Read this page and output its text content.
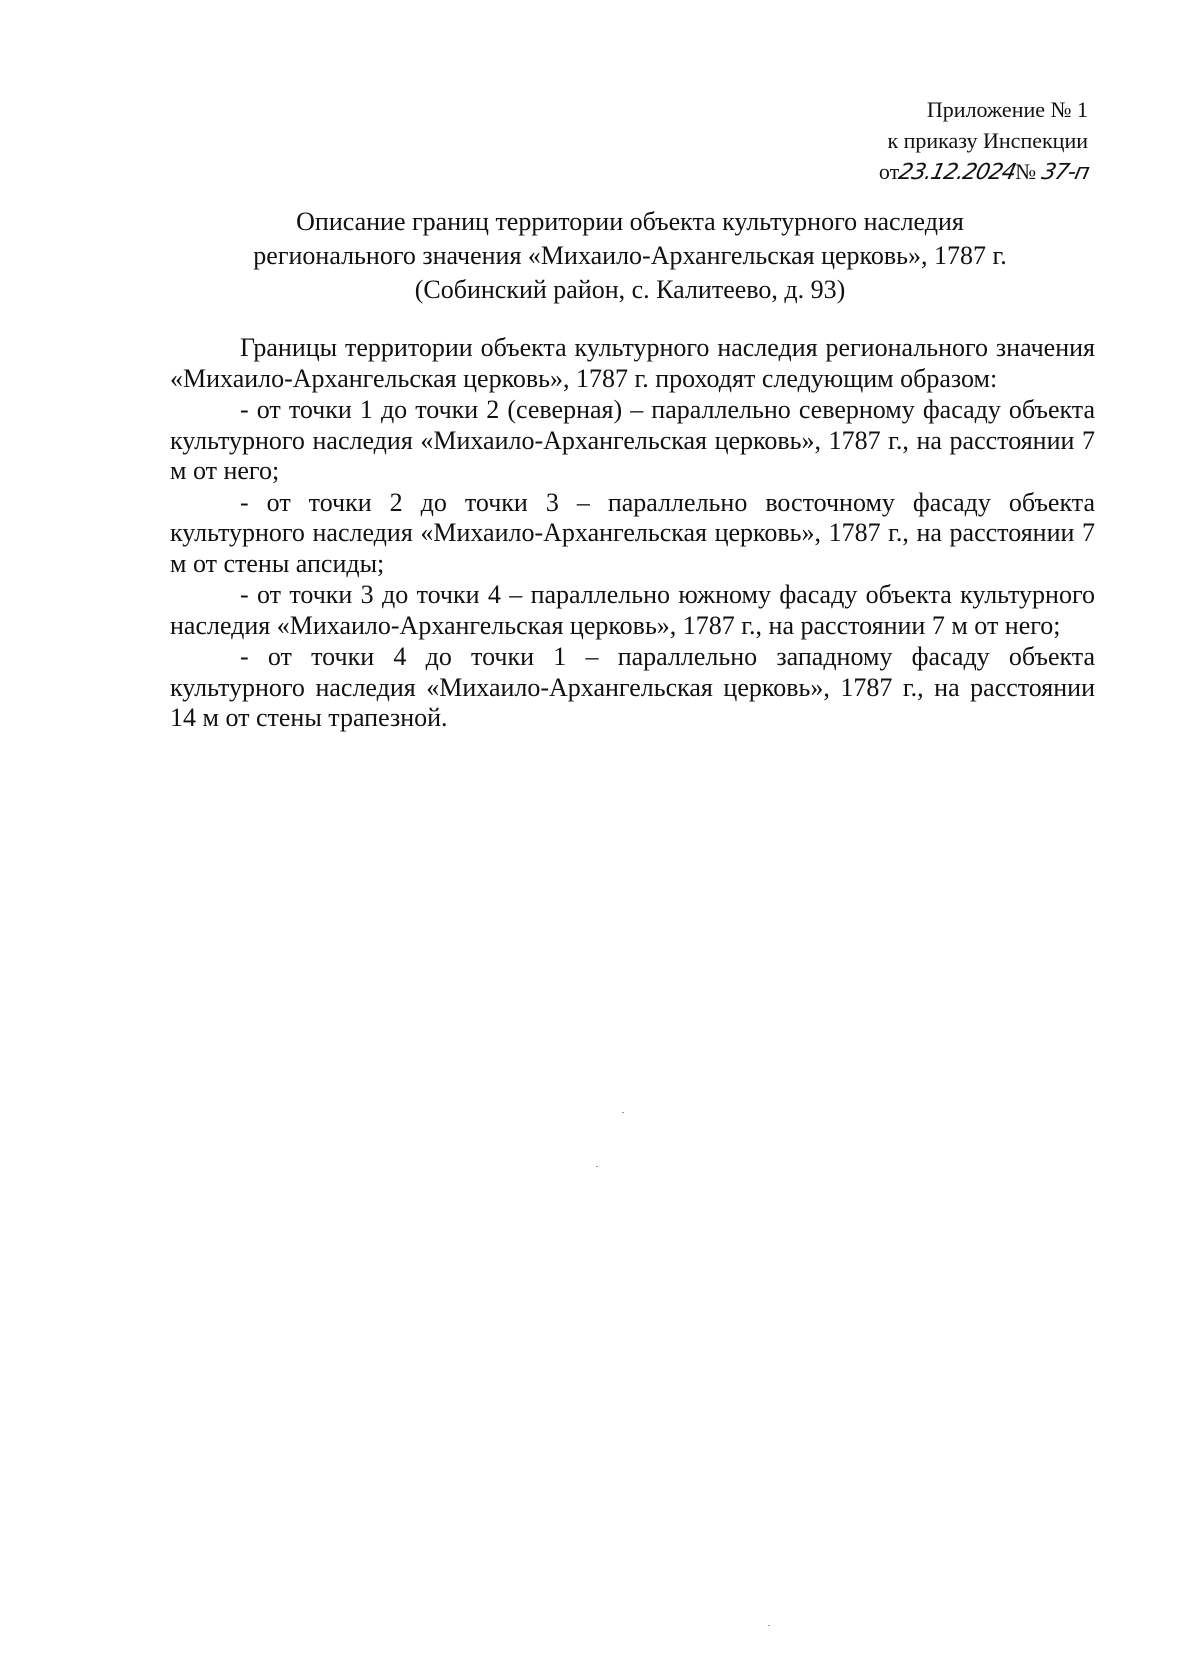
Приложение № 1
к приказу Инспекции
от23.12.2024№ 37-п
Описание границ территории объекта культурного наследия
регионального значения «Михаило-Архангельская церковь», 1787 г.
(Собинский район, с. Калитеево, д. 93)

Границы территории объекта культурного наследия регионального значения «Михаило-Архангельская церковь», 1787 г. проходят следующим образом:

- от точки 1 до точки 2 (северная) – параллельно северному фасаду объекта культурного наследия «Михаило-Архангельская церковь», 1787 г., на расстоянии 7 м от него;

- от точки 2 до точки 3 – параллельно восточному фасаду объекта культурного наследия «Михаило-Архангельская церковь», 1787 г., на расстоянии 7 м от стены апсиды;

- от точки 3 до точки 4 – параллельно южному фасаду объекта культурного наследия «Михаило-Архангельская церковь», 1787 г., на расстоянии 7 м от него;

- от точки 4 до точки 1 – параллельно западному фасаду объекта культурного наследия «Михаило-Архангельская церковь», 1787 г., на расстоянии 14 м от стены трапезной.
